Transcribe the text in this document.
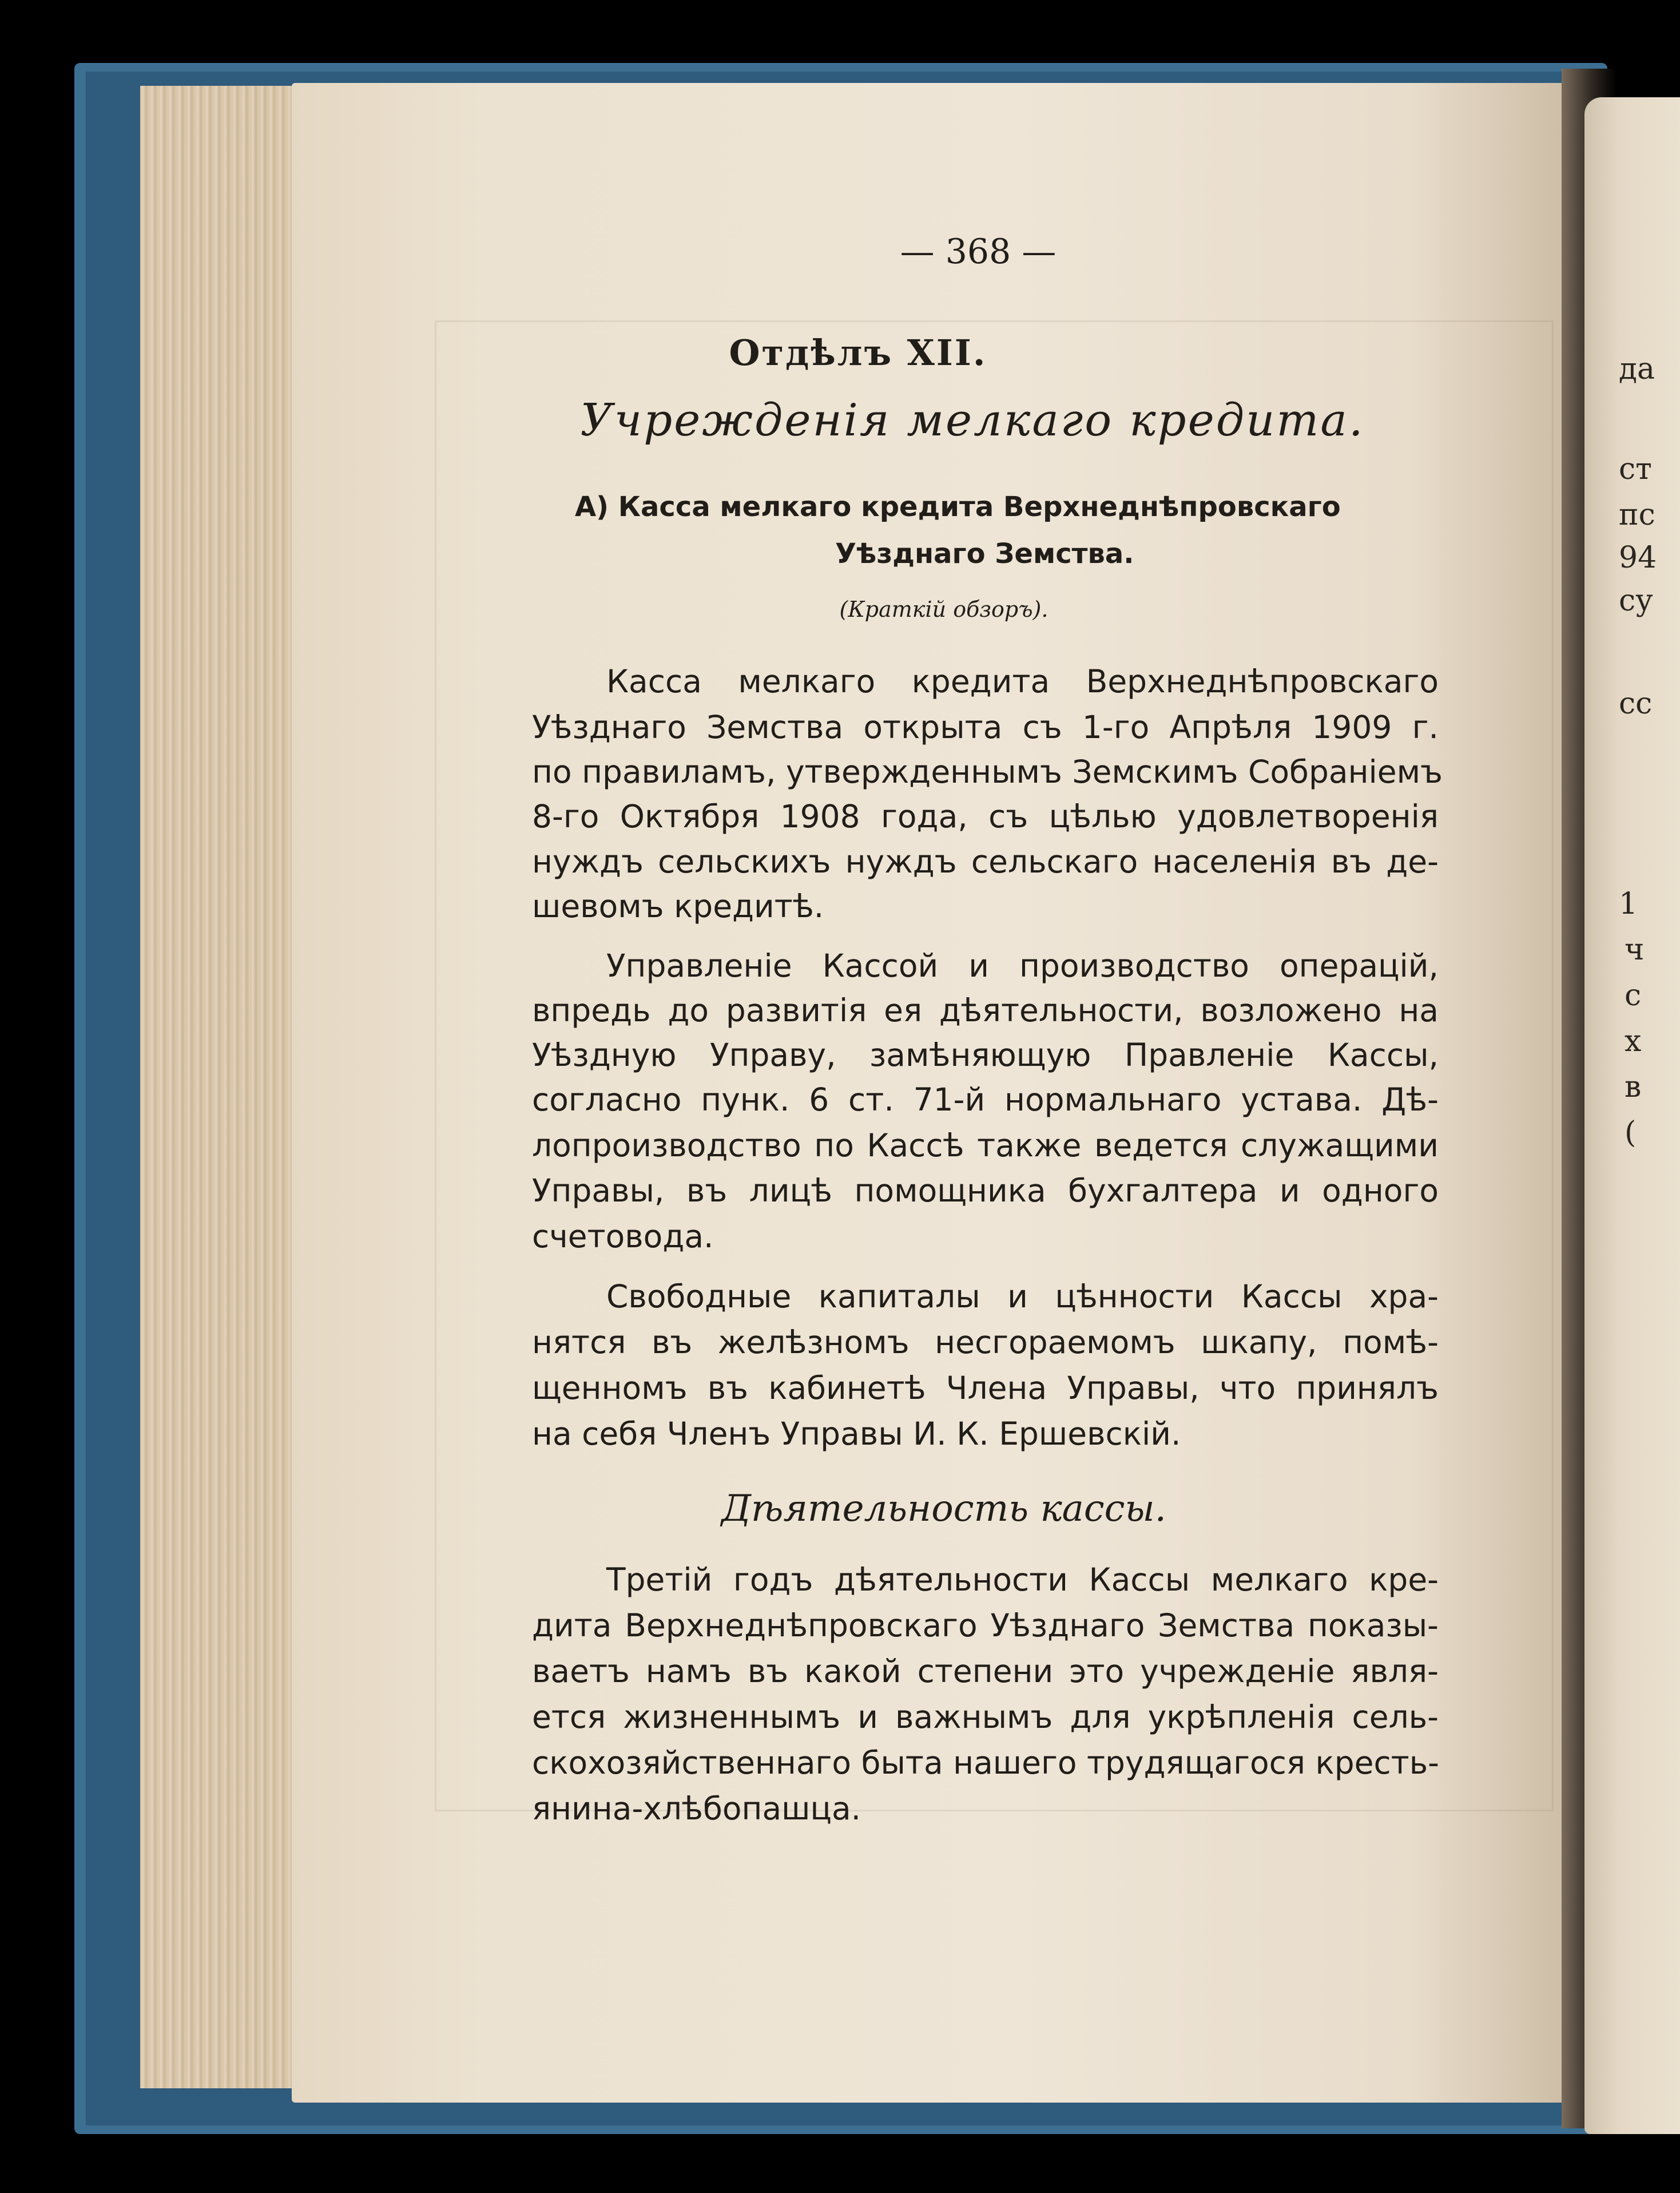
— 368 —
Отдѣлъ XII.
Учрежденія мелкаго кредита.
А) Касса мелкаго кредита Верхнеднѣпровскаго
Уѣзднаго Земства.
(Краткій обзоръ).
Касса мелкаго кредита Верхнеднѣпровскаго
Уѣзднаго Земства открыта съ 1-го Апрѣля 1909 г.
по правиламъ, утвержденнымъ Земскимъ Собраніемъ
8-го Октября 1908 года, съ цѣлью удовлетворенія
нуждъ сельскихъ нуждъ сельскаго населенія въ де-
шевомъ кредитѣ.
Управленіе Кассой и производство операцій,
впредь до развитія ея дѣятельности, возложено на
Уѣздную Управу, замѣняющую Правленіе Кассы,
согласно пунк. 6 ст. 71-й нормальнаго устава. Дѣ-
лопроизводство по Кассѣ также ведется служащими
Управы, въ лицѣ помощника бухгалтера и одного
счетовода.
Свободные капиталы и цѣнности Кассы хра-
нятся въ желѣзномъ несгораемомъ шкапу, помѣ-
щенномъ въ кабинетѣ Члена Управы, что принялъ
на себя Членъ Управы И. К. Ершевскій.
Дѣятельность кассы.
Третій годъ дѣятельности Кассы мелкаго кре-
дита Верхнеднѣпровскаго Уѣзднаго Земства показы-
ваетъ намъ въ какой степени это учрежденіе явля-
ется жизненнымъ и важнымъ для укрѣпленія сель-
скохозяйственнаго быта нашего трудящагося кресть-
янина-хлѣбопашца.
да
ст
пс
94
су
сс
1
ч
с
х
в
(
